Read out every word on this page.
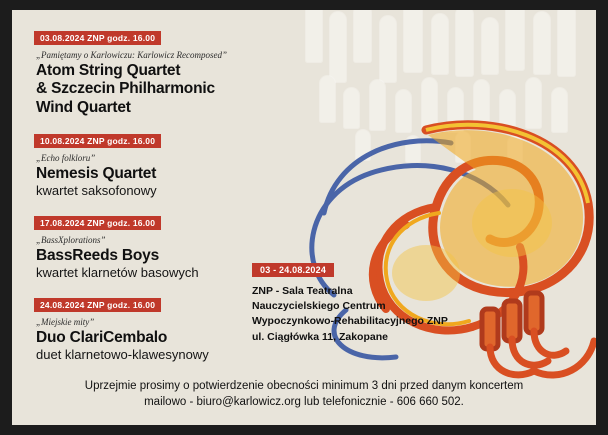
03.08.2024 ZNP godz. 16.00
„Pamiętamy o Karlowiczu: Karlowicz Recomposed”
Atom String Quartet
& Szczecin Philharmonic
Wind Quartet
10.08.2024 ZNP godz. 16.00
„Echo folkloru”
Nemesis Quartet
kwartet saksofonowy
17.08.2024 ZNP godz. 16.00
„BassXplorations”
BassReeds Boys
kwartet klarnetów basowych
24.08.2024 ZNP godz. 16.00
„Miejskie mity”
Duo ClariCembalo
duet klarnetowo-klawesynowy
03 - 24.08.2024
ZNP - Sala Teatralna
Nauczycielskiego Centrum
Wypoczynkowo-Rehabilitacyjnego ZNP
ul. Ciągłówka 11, Zakopane
Uprzejmie prosimy o potwierdzenie obecności minimum 3 dni przed danym koncertem
mailowo - biuro@karlowicz.org lub telefonicznie - 606 660 502.
